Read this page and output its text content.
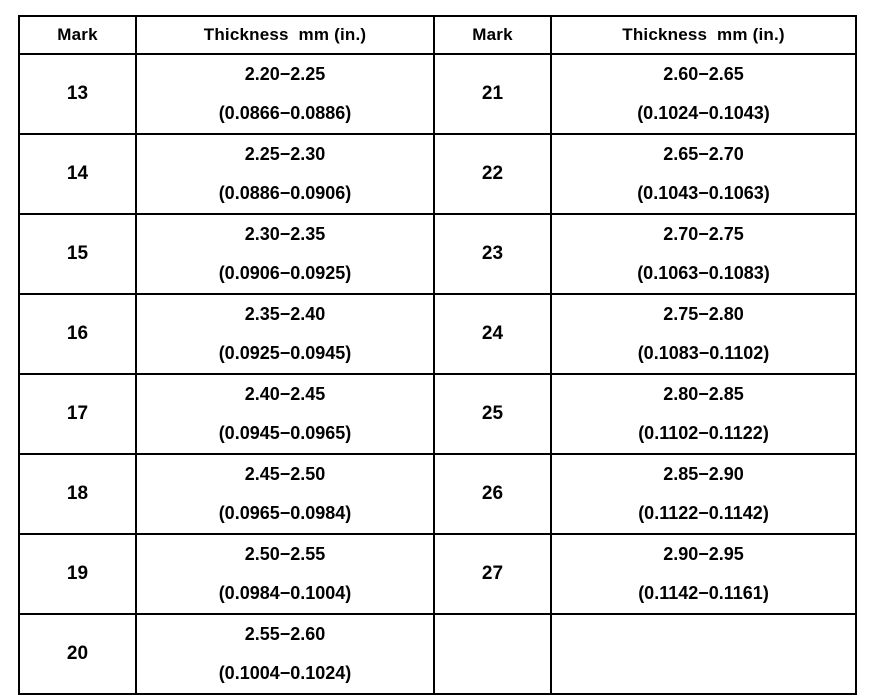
Mark	Thickness  mm (in.)	Mark	Thickness  mm (in.)
13	2.20−2.25
(0.0866−0.0886)	21	2.60−2.65
(0.1024−0.1043)

14	2.25−2.30
(0.0886−0.0906)	22	2.65−2.70
(0.1043−0.1063)

15	2.30−2.35
(0.0906−0.0925)	23	2.70−2.75
(0.1063−0.1083)

16	2.35−2.40
(0.0925−0.0945)	24	2.75−2.80
(0.1083−0.1102)

17	2.40−2.45
(0.0945−0.0965)	25	2.80−2.85
(0.1102−0.1122)

18	2.45−2.50
(0.0965−0.0984)	26	2.85−2.90
(0.1122−0.1142)

19	2.50−2.55
(0.0984−0.1004)	27	2.90−2.95
(0.1142−0.1161)

20	2.55−2.60
(0.1004−0.1024)		
